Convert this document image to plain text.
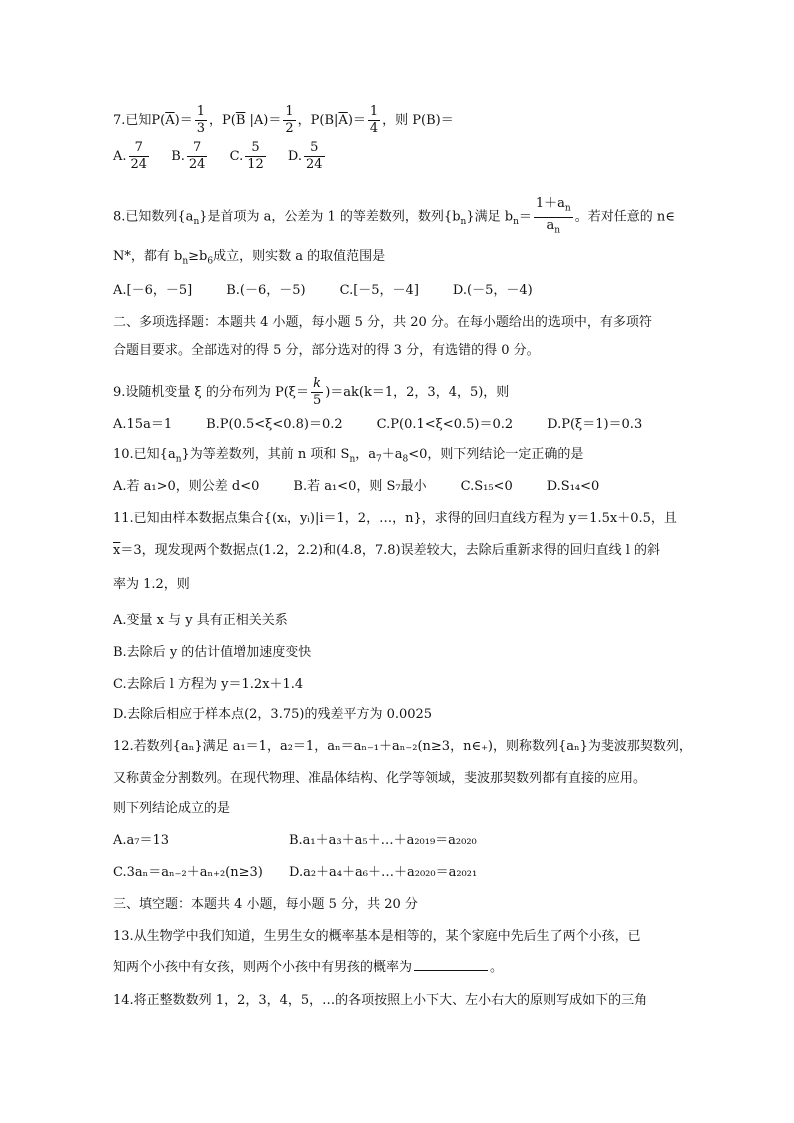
7.已知$P(\overline{A})= \frac{1}{3}$ ，$P(\overline{B}$ $|A)= \frac{1}{2}$ ，$P(B|\overline{A})= \frac{1}{4}$ ，则 P(B)＝
A. $\frac{7}{24} B$. $\frac{7}{24} C$. $\frac{5}{12} D$. $\frac{5}{24}$
8.已知数列$\{a_n\}$是首项为 a，公差为 1 的等差数列，数列$\{b_n\}$满足 $b_n= \frac{1+a_n}{a_n}$ 。若对任意的 n∈
N*，都有 $b_n\ge b_6$成立，则实数 a 的取值范围是
A.[－6，－5]	B.(－6，－5)	C.[－5，－4]	D.(－5，－4)
二、多项选择题：本题共 4 小题，每小题 5 分，共 20 分。在每小题给出的选项中，有多项符
合题目要求。全部选对的得 5 分，部分选对的得 3 分，有选错的得 0 分。
9.设随机变量 ξ 的分布列为 $P(\xi= \frac{k}{5} )=ak(k=1$，2，3，4，5)，则
A.15a＝1	B.P(0.5<ξ<0.8)＝0.2	C.P(0.1<ξ<0.5)＝0.2	D.P(ξ＝1)＝0.3
10.已知$\{a_n\}$为等差数列，其前 n 项和 $S_n$，$a_7+a_8<0$，则下列结论一定正确的是
A.若 a₁>0，则公差 d<0	B.若 a₁<0，则 S₇最小	C.S₁₅<0	D.S₁₄<0
11.已知由样本数据点集合{(xᵢ，yᵢ)|i＝1，2，…，n}，求得的回归直线方程为 y＝1.5x＋0.5，且
$\overline{x}=3$，现发现两个数据点(1.2，2.2)和(4.8，7.8)误差较大，去除后重新求得的回归直线 l 的斜
率为 1.2，则
A.变量 x 与 y 具有正相关关系
B.去除后 y 的估计值增加速度变快
C.去除后 l 方程为 y＝1.2x＋1.4
D.去除后相应于样本点(2，3.75)的残差平方为 0.0025
12.若数列{aₙ}满足 a₁＝1，a₂＝1，aₙ＝aₙ₋₁＋aₙ₋₂(n≥3，n∈₊)，则称数列{aₙ}为斐波那契数列，
又称黄金分割数列。在现代物理、准晶体结构、化学等领域，斐波那契数列都有直接的应用。
则下列结论成立的是
A.a₇＝13	B.a₁＋a₃＋a₅＋…＋a₂₀₁₉＝a₂₀₂₀
C.3aₙ＝aₙ₋₂＋aₙ₊₂(n≥3) D.a₂＋a₄＋a₆＋…＋a₂₀₂₀＝a₂₀₂₁
三、填空题：本题共 4 小题，每小题 5 分，共 20 分
13.从生物学中我们知道，生男生女的概率基本是相等的，某个家庭中先后生了两个小孩，已
知两个小孩中有女孩，则两个小孩中有男孩的概率为	。
14.将正整数数列 1，2，3，4，5，…的各项按照上小下大、左小右大的原则写成如下的三角
